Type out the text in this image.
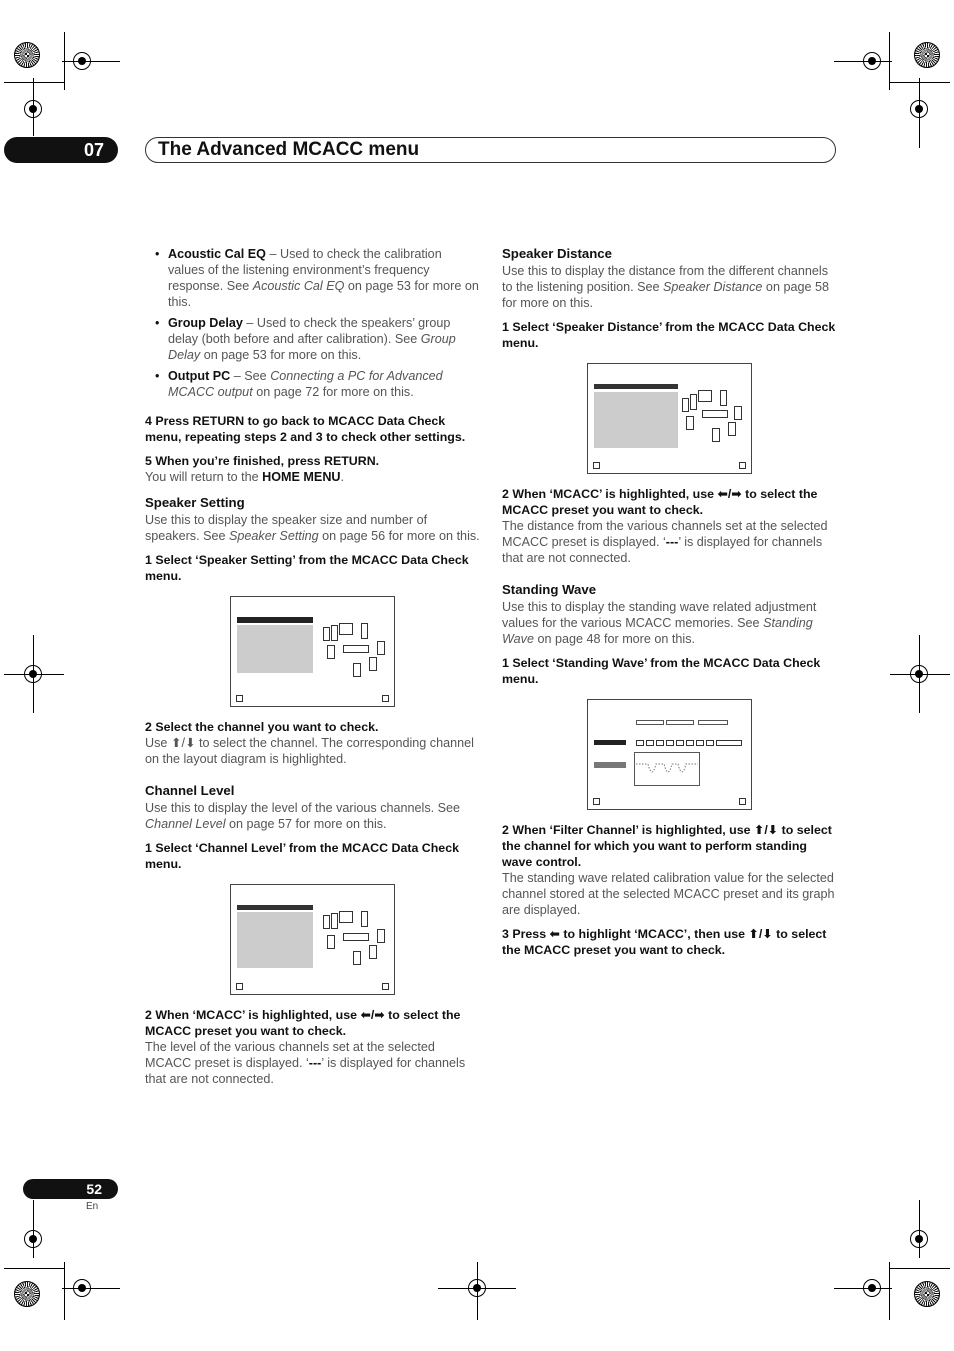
07	The Advanced MCACC menu
• Acoustic Cal EQ – Used to check the calibration values of the listening environment’s frequency response. See Acoustic Cal EQ on page 53 for more on this.
• Group Delay – Used to check the speakers’ group delay (both before and after calibration). See Group Delay on page 53 for more on this.
• Output PC – See Connecting a PC for Advanced MCACC output on page 72 for more on this.

4 Press RETURN to go back to MCACC Data Check menu, repeating steps 2 and 3 to check other settings.

5 When you’re finished, press RETURN.

You will return to the HOME MENU.

Speaker Setting

Use this to display the speaker size and number of speakers. See Speaker Setting on page 56 for more on this.

1 Select ‘Speaker Setting’ from the MCACC Data Check menu.

2 Select the channel you want to check.

Use ⬆/⬇ to select the channel. The corresponding channel on the layout diagram is highlighted.

Channel Level

Use this to display the level of the various channels. See Channel Level on page 57 for more on this.

1 Select ‘Channel Level’ from the MCACC Data Check menu.

2 When ‘MCACC’ is highlighted, use ⬅/➡ to select the MCACC preset you want to check.

The level of the various channels set at the selected MCACC preset is displayed. ‘---’ is displayed for channels that are not connected.

Speaker Distance

Use this to display the distance from the different channels to the listening position. See Speaker Distance on page 58 for more on this.

1 Select ‘Speaker Distance’ from the MCACC Data Check menu.

2 When ‘MCACC’ is highlighted, use ⬅/➡ to select the MCACC preset you want to check.

The distance from the various channels set at the selected MCACC preset is displayed. ‘---’ is displayed for channels that are not connected.

Standing Wave

Use this to display the standing wave related adjustment values for the various MCACC memories. See Standing Wave on page 48 for more on this.

1 Select ‘Standing Wave’ from the MCACC Data Check menu.

2 When ‘Filter Channel’ is highlighted, use ⬆/⬇ to select the channel for which you want to perform standing wave control.

The standing wave related calibration value for the selected channel stored at the selected MCACC preset and its graph are displayed.

3 Press ⬅ to highlight ‘MCACC’, then use ⬆/⬇ to select the MCACC preset you want to check.

52
En
